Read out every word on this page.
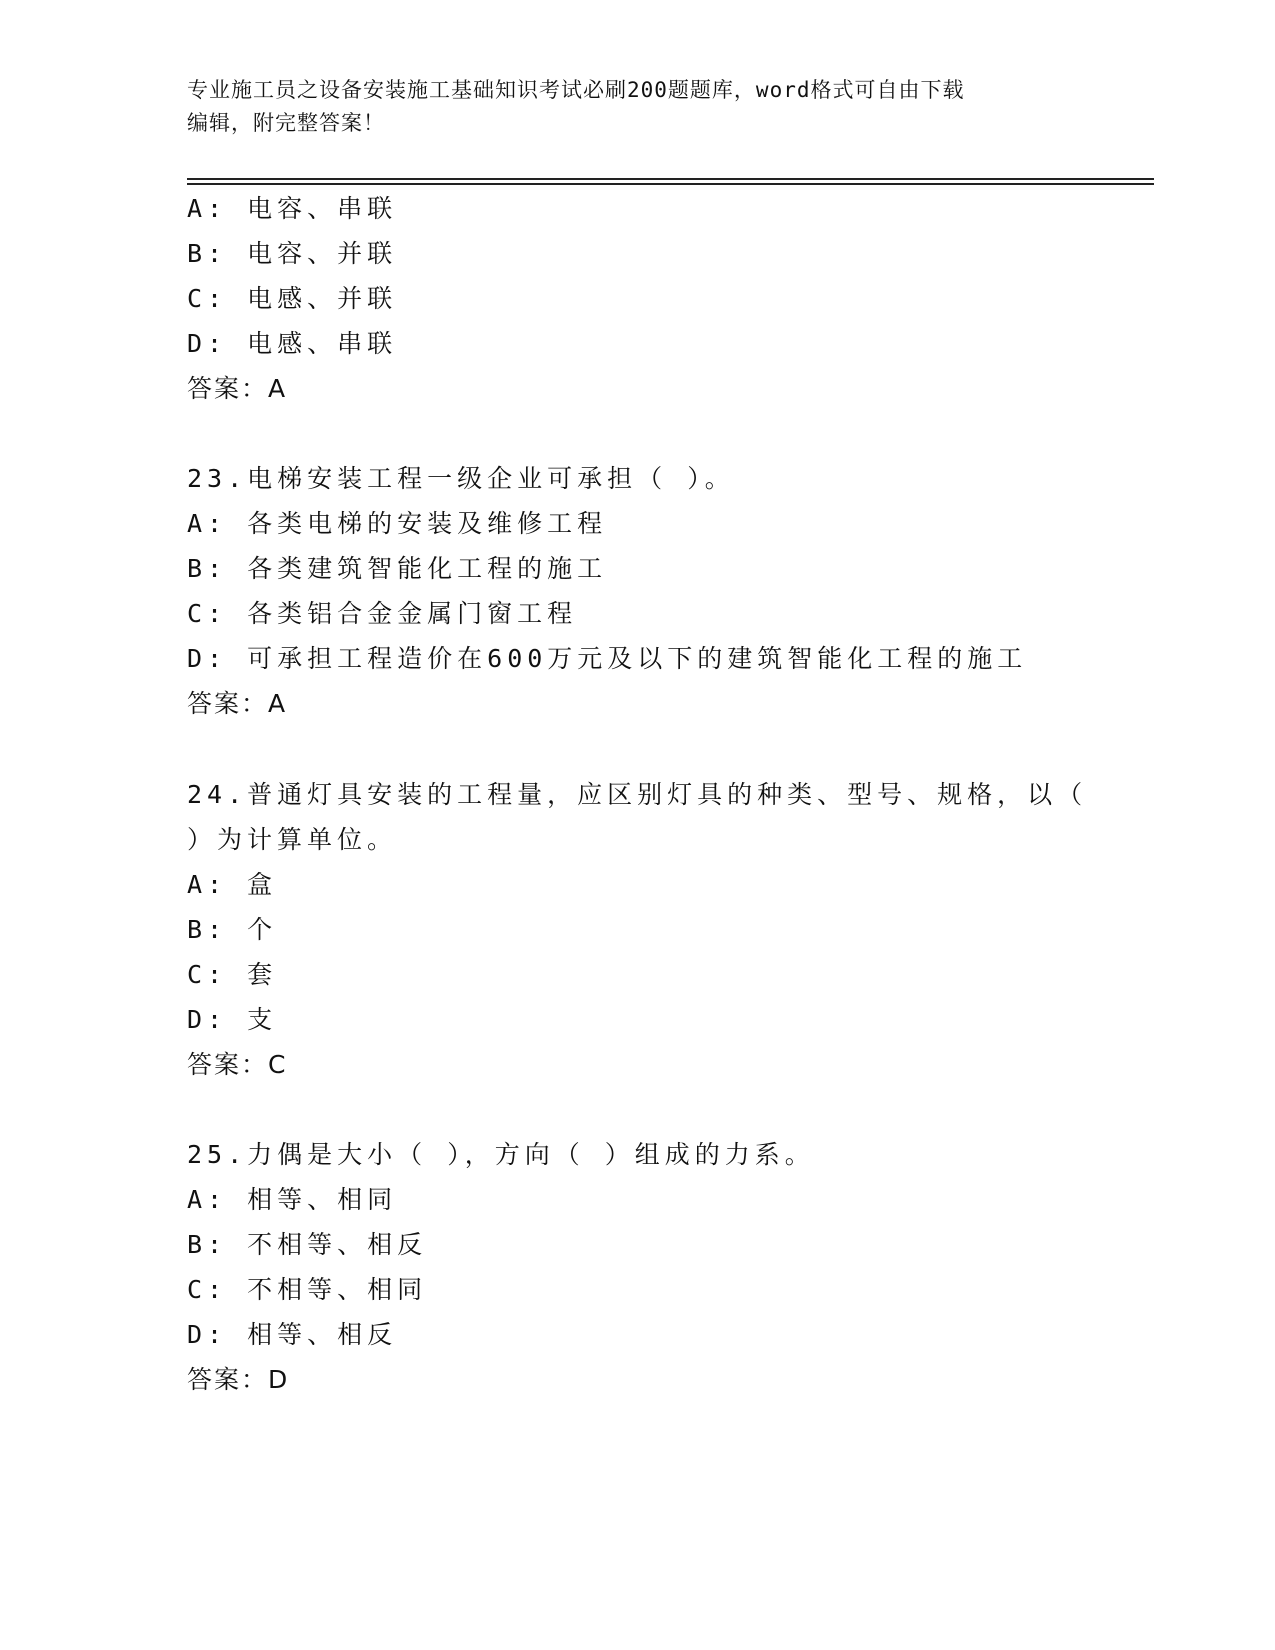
专业施工员之设备安装施工基础知识考试必刷200题题库，word格式可自由下载
编辑，附完整答案！
A: 电容、串联
B: 电容、并联
C: 电感、并联
D: 电感、串联
答案：A
23.电梯安装工程一级企业可承担（ ）。
A: 各类电梯的安装及维修工程
B: 各类建筑智能化工程的施工
C: 各类铝合金金属门窗工程
D: 可承担工程造价在600万元及以下的建筑智能化工程的施工
答案：A
24.普通灯具安装的工程量，应区别灯具的种类、型号、规格，以（
）为计算单位。
A: 盒
B: 个
C: 套
D: 支
答案：C
25.力偶是大小（ ），方向（ ）组成的力系。
A: 相等、相同
B: 不相等、相反
C: 不相等、相同
D: 相等、相反
答案：D
